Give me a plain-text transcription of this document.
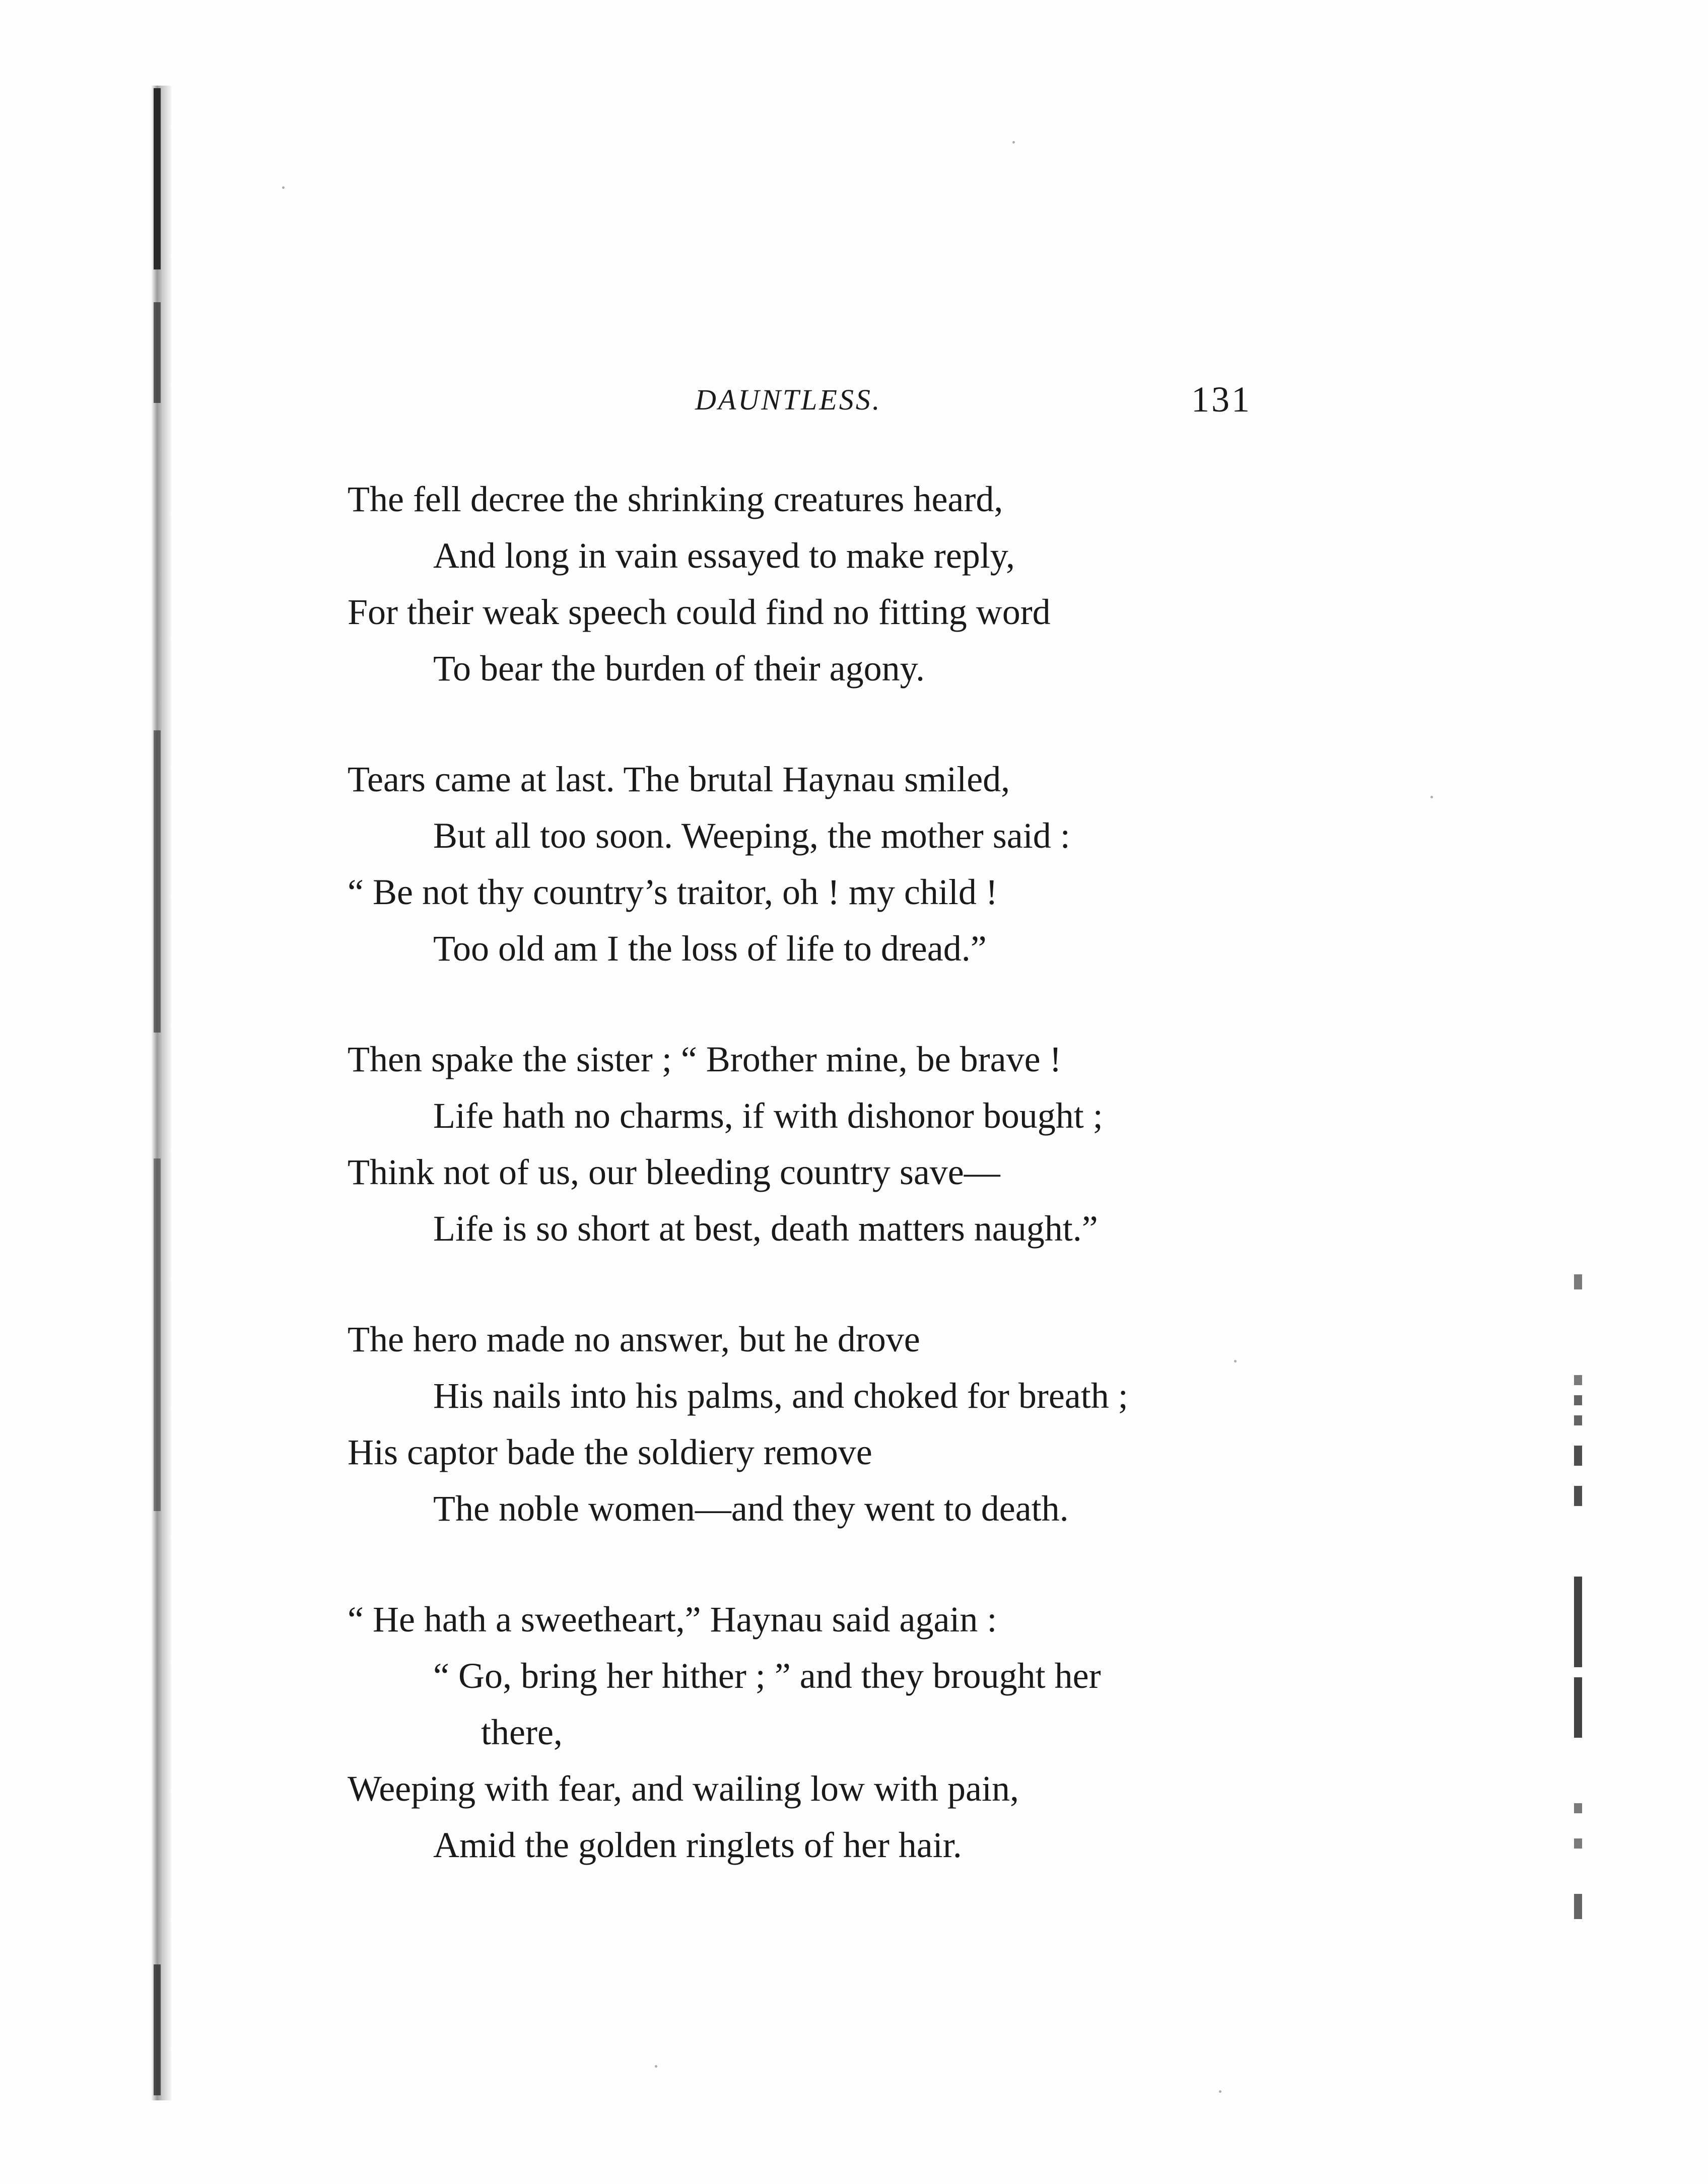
DAUNTLESS.	131
The fell decree the shrinking creatures heard,
And long in vain essayed to make reply,
For their weak speech could find no fitting word
To bear the burden of their agony.
Tears came at last. The brutal Haynau smiled,
But all too soon. Weeping, the mother said :
“ Be not thy country’s traitor, oh ! my child !
Too old am I the loss of life to dread.”
Then spake the sister ; “ Brother mine, be brave !
Life hath no charms, if with dishonor bought ;
Think not of us, our bleeding country save—
Life is so short at best, death matters naught.”
The hero made no answer, but he drove
His nails into his palms, and choked for breath ;
His captor bade the soldiery remove
The noble women—and they went to death.
“ He hath a sweetheart,” Haynau said again :
“ Go, bring her hither ; ” and they brought her
there,
Weeping with fear, and wailing low with pain,
Amid the golden ringlets of her hair.
